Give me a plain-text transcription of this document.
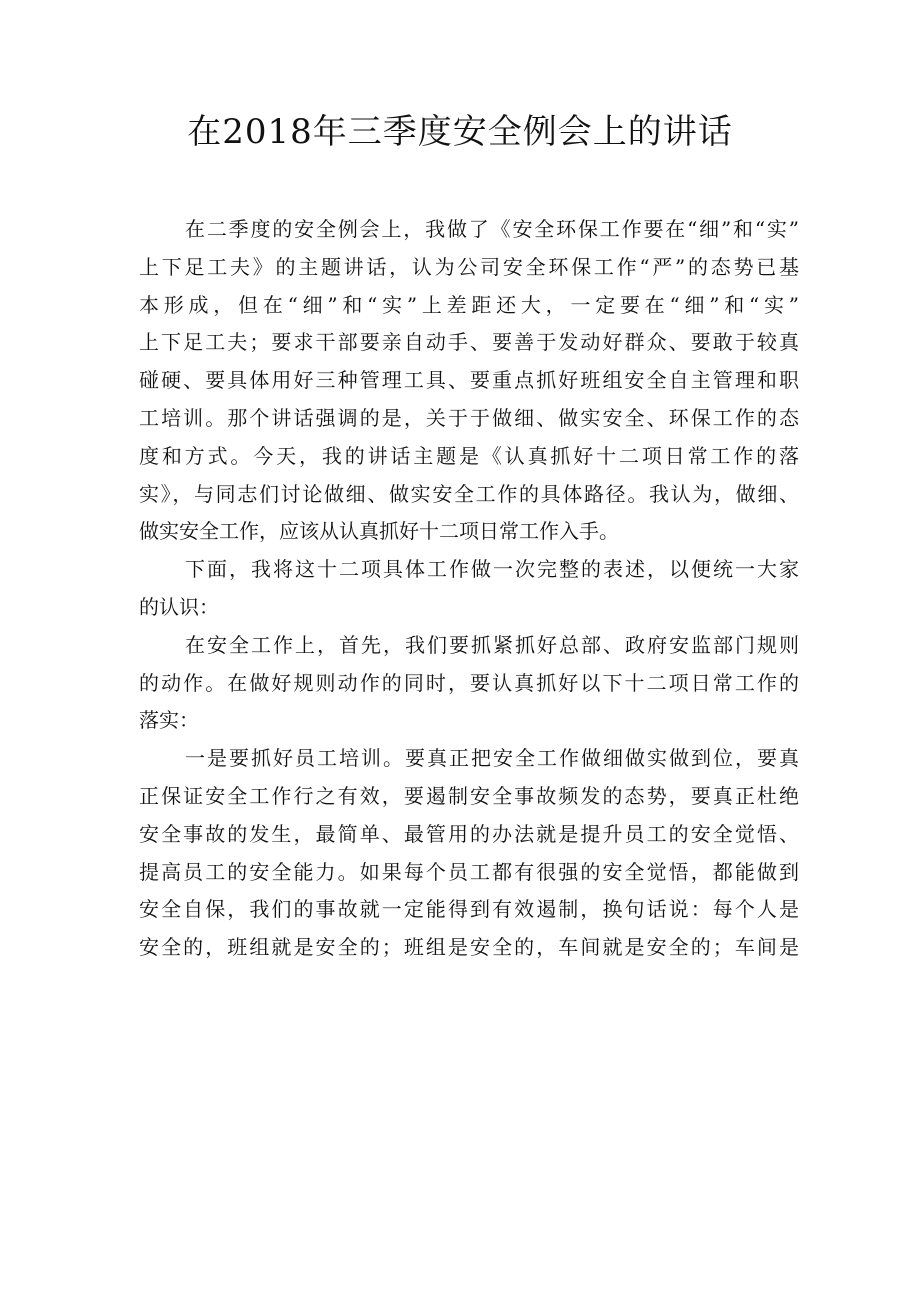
在2018年三季度安全例会上的讲话

在二季度的安全例会上，我做了《安全环保工作要在“细”和“实”
上下足工夫》的主题讲话，认为公司安全环保工作“严”的态势已基
本形成，但在“细”和“实”上差距还大，一定要在“细”和“实”
上下足工夫；要求干部要亲自动手、要善于发动好群众、要敢于较真
碰硬、要具体用好三种管理工具、要重点抓好班组安全自主管理和职
工培训。那个讲话强调的是，关于于做细、做实安全、环保工作的态
度和方式。今天，我的讲话主题是《认真抓好十二项日常工作的落
实》，与同志们讨论做细、做实安全工作的具体路径。我认为，做细、
做实安全工作，应该从认真抓好十二项日常工作入手。

下面，我将这十二项具体工作做一次完整的表述，以便统一大家
的认识：

在安全工作上，首先，我们要抓紧抓好总部、政府安监部门规则
的动作。在做好规则动作的同时，要认真抓好以下十二项日常工作的
落实：

一是要抓好员工培训。要真正把安全工作做细做实做到位，要真
正保证安全工作行之有效，要遏制安全事故频发的态势，要真正杜绝
安全事故的发生，最简单、最管用的办法就是提升员工的安全觉悟、
提高员工的安全能力。如果每个员工都有很强的安全觉悟，都能做到
安全自保，我们的事故就一定能得到有效遏制，换句话说：每个人是
安全的，班组就是安全的；班组是安全的，车间就是安全的；车间是
